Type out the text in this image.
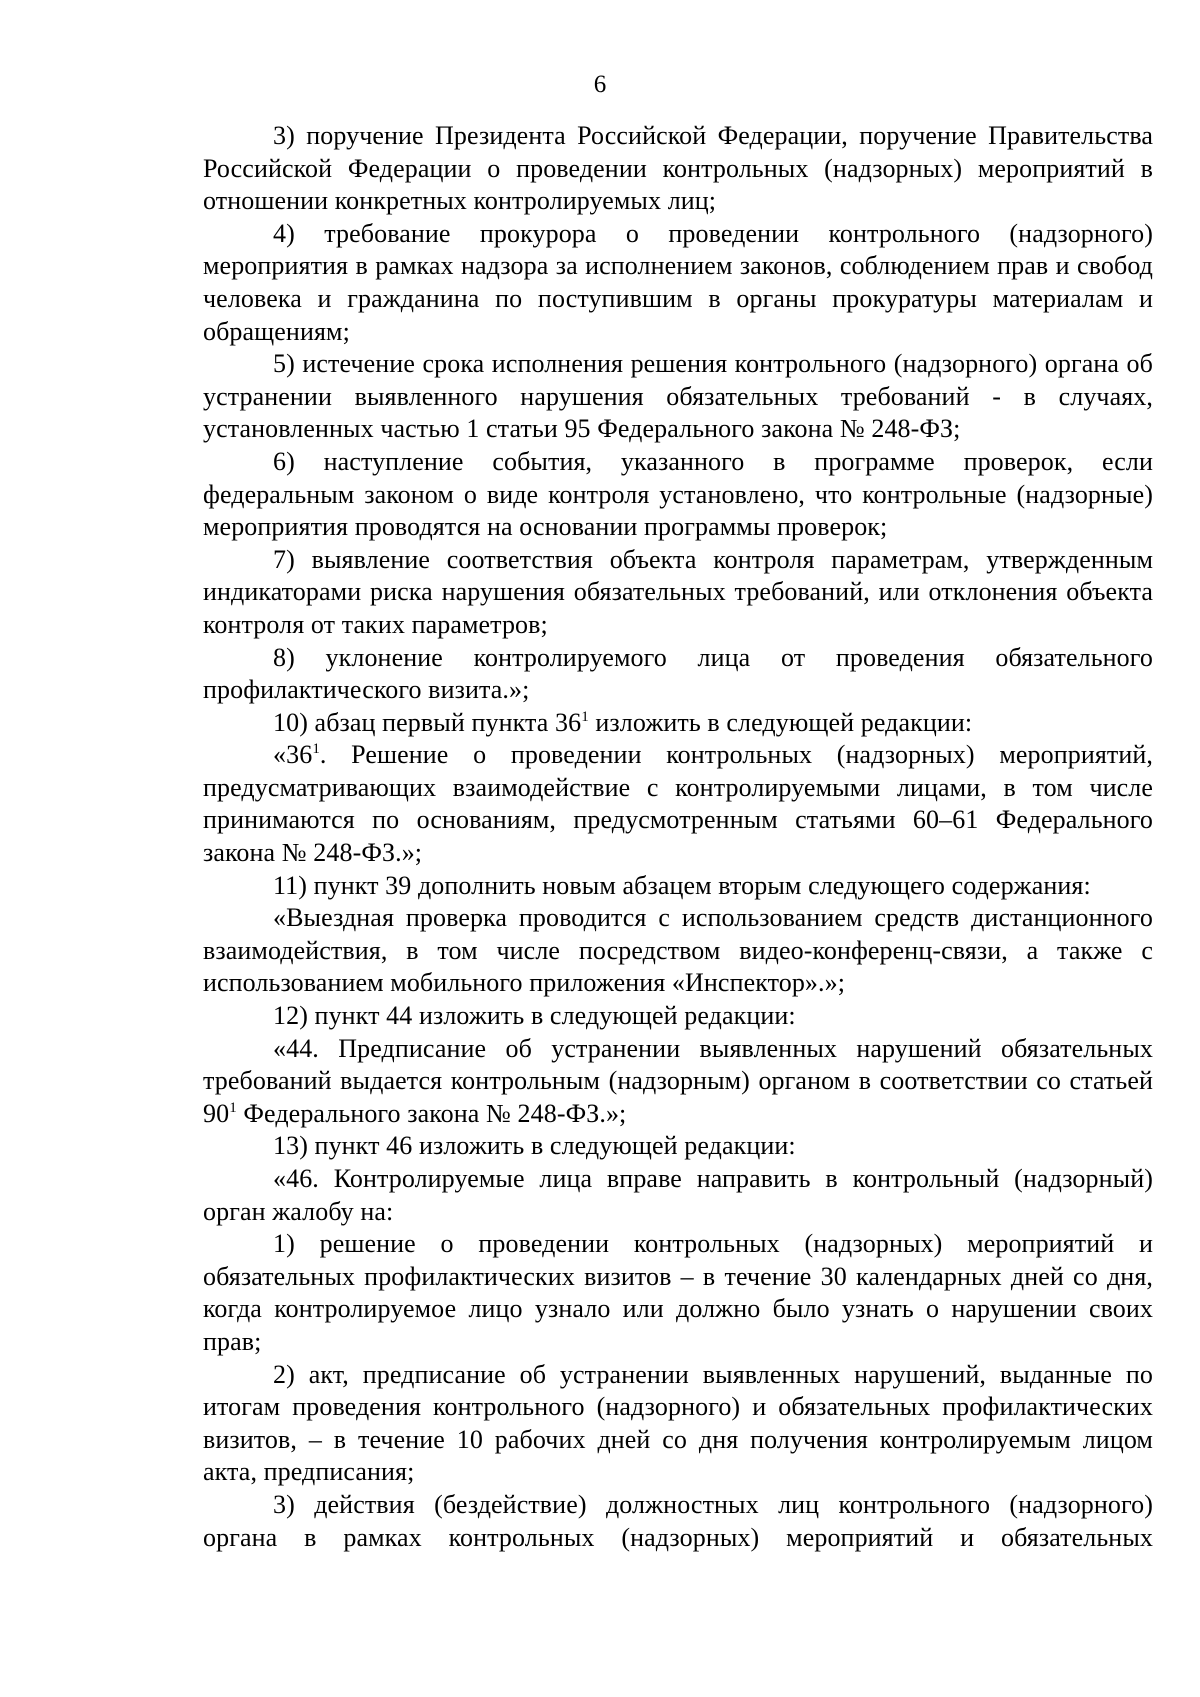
6

3) поручение Президента Российской Федерации, поручение Правительства Российской Федерации о проведении контрольных (надзорных) мероприятий в отношении конкретных контролируемых лиц;

4) требование прокурора о проведении контрольного (надзорного) мероприятия в рамках надзора за исполнением законов, соблюдением прав и свобод человека и гражданина по поступившим в органы прокуратуры материалам и обращениям;

5) истечение срока исполнения решения контрольного (надзорного) органа об устранении выявленного нарушения обязательных требований - в случаях, установленных частью 1 статьи 95 Федерального закона № 248-ФЗ;

6) наступление события, указанного в программе проверок, если федеральным законом о виде контроля установлено, что контрольные (надзорные) мероприятия проводятся на основании программы проверок;

7) выявление соответствия объекта контроля параметрам, утвержденным индикаторами риска нарушения обязательных требований, или отклонения объекта контроля от таких параметров;

8) уклонение контролируемого лица от проведения обязательного профилактического визита.»;

10) абзац первый пункта $36^1$ изложить в следующей редакции:

«$36^1$. Решение о проведении контрольных (надзорных) мероприятий, предусматривающих взаимодействие с контролируемыми лицами, в том числе принимаются по основаниям, предусмотренным статьями 60–61 Федерального закона № 248-ФЗ.»;

11) пункт 39 дополнить новым абзацем вторым следующего содержания:

«Выездная проверка проводится с использованием средств дистанционного взаимодействия, в том числе посредством видео-конференц-связи, а также с использованием мобильного приложения «Инспектор».»;

12) пункт 44 изложить в следующей редакции:

«44. Предписание об устранении выявленных нарушений обязательных требований выдается контрольным (надзорным) органом в соответствии со статьей $90^1$ Федерального закона № 248-ФЗ.»;

13) пункт 46 изложить в следующей редакции:

«46. Контролируемые лица вправе направить в контрольный (надзорный) орган жалобу на:

1) решение о проведении контрольных (надзорных) мероприятий и обязательных профилактических визитов – в течение 30 календарных дней со дня, когда контролируемое лицо узнало или должно было узнать о нарушении своих прав;

2) акт, предписание об устранении выявленных нарушений, выданные по итогам проведения контрольного (надзорного) и обязательных профилактических визитов, – в течение 10 рабочих дней со дня получения контролируемым лицом акта, предписания;

3) действия (бездействие) должностных лиц контрольного (надзорного) органа в рамках контрольных (надзорных) мероприятий и обязательных
